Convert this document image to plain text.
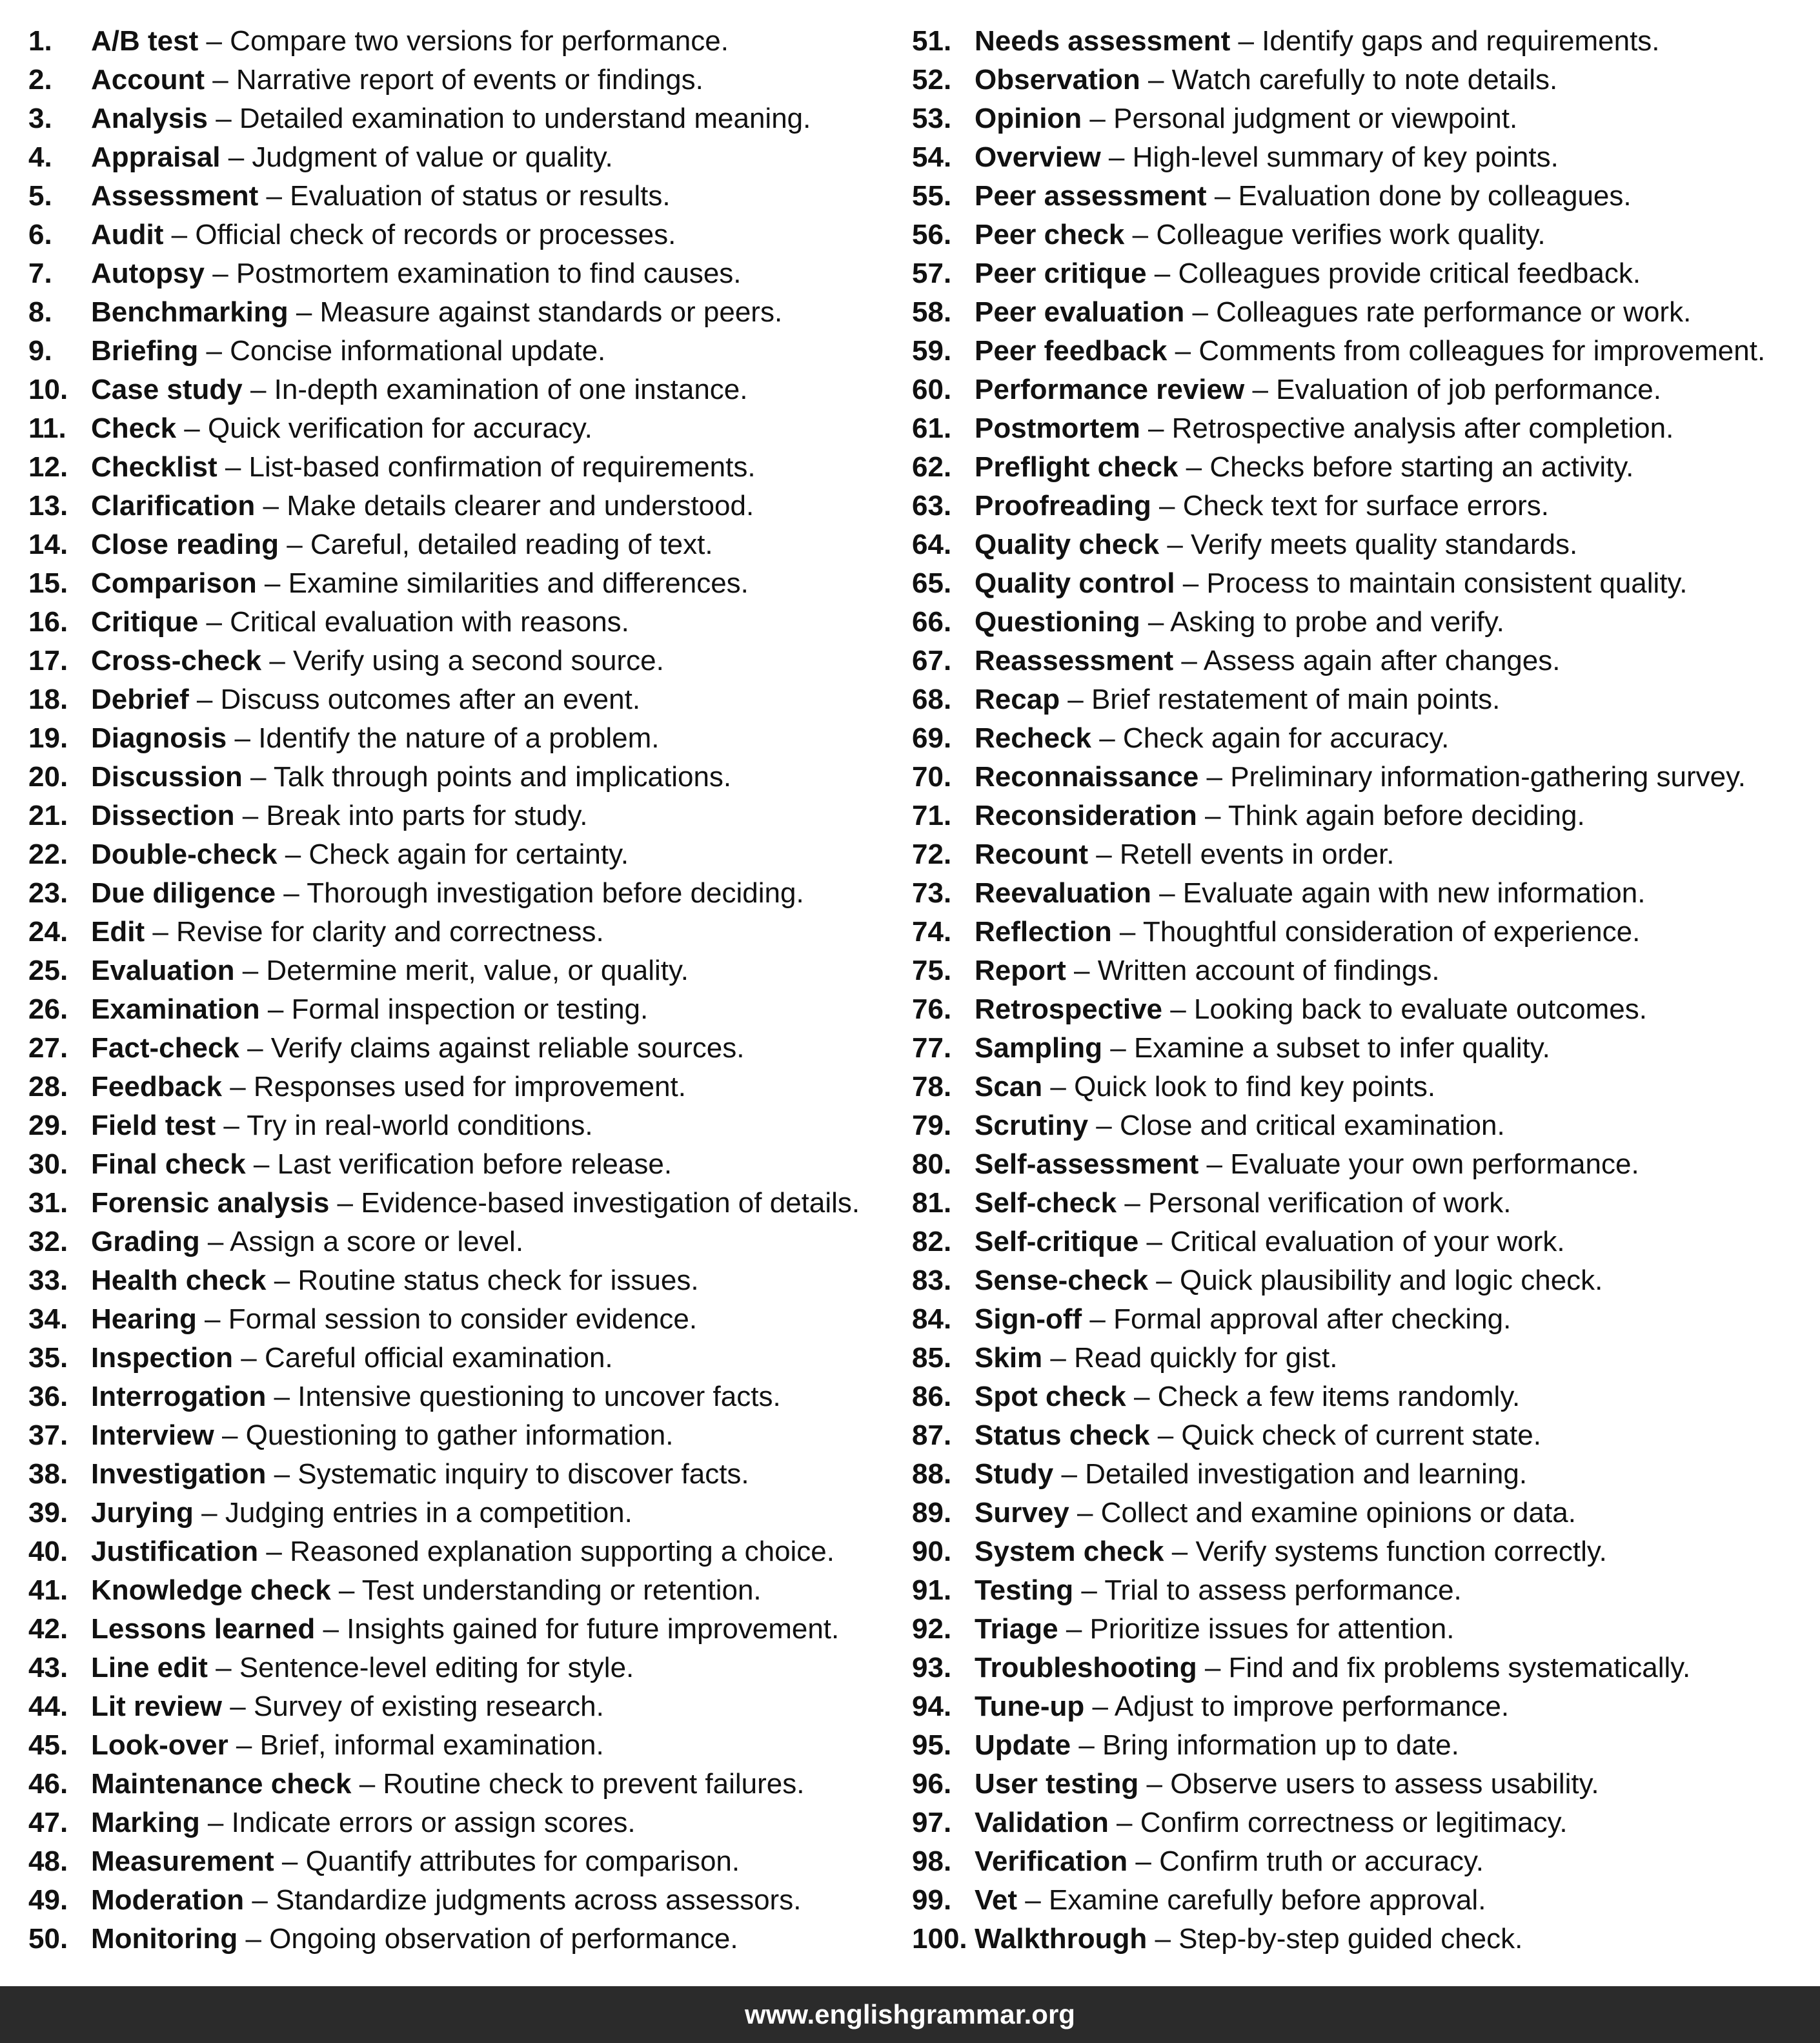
1. A/B test – Compare two versions for performance.
2. Account – Narrative report of events or findings.
3. Analysis – Detailed examination to understand meaning.
4. Appraisal – Judgment of value or quality.
5. Assessment – Evaluation of status or results.
6. Audit – Official check of records or processes.
7. Autopsy – Postmortem examination to find causes.
8. Benchmarking – Measure against standards or peers.
9. Briefing – Concise informational update.
10. Case study – In-depth examination of one instance.
11. Check – Quick verification for accuracy.
12. Checklist – List-based confirmation of requirements.
13. Clarification – Make details clearer and understood.
14. Close reading – Careful, detailed reading of text.
15. Comparison – Examine similarities and differences.
16. Critique – Critical evaluation with reasons.
17. Cross-check – Verify using a second source.
18. Debrief – Discuss outcomes after an event.
19. Diagnosis – Identify the nature of a problem.
20. Discussion – Talk through points and implications.
21. Dissection – Break into parts for study.
22. Double-check – Check again for certainty.
23. Due diligence – Thorough investigation before deciding.
24. Edit – Revise for clarity and correctness.
25. Evaluation – Determine merit, value, or quality.
26. Examination – Formal inspection or testing.
27. Fact-check – Verify claims against reliable sources.
28. Feedback – Responses used for improvement.
29. Field test – Try in real-world conditions.
30. Final check – Last verification before release.
31. Forensic analysis – Evidence-based investigation of details.
32. Grading – Assign a score or level.
33. Health check – Routine status check for issues.
34. Hearing – Formal session to consider evidence.
35. Inspection – Careful official examination.
36. Interrogation – Intensive questioning to uncover facts.
37. Interview – Questioning to gather information.
38. Investigation – Systematic inquiry to discover facts.
39. Jurying – Judging entries in a competition.
40. Justification – Reasoned explanation supporting a choice.
41. Knowledge check – Test understanding or retention.
42. Lessons learned – Insights gained for future improvement.
43. Line edit – Sentence-level editing for style.
44. Lit review – Survey of existing research.
45. Look-over – Brief, informal examination.
46. Maintenance check – Routine check to prevent failures.
47. Marking – Indicate errors or assign scores.
48. Measurement – Quantify attributes for comparison.
49. Moderation – Standardize judgments across assessors.
50. Monitoring – Ongoing observation of performance.
51. Needs assessment – Identify gaps and requirements.
52. Observation – Watch carefully to note details.
53. Opinion – Personal judgment or viewpoint.
54. Overview – High-level summary of key points.
55. Peer assessment – Evaluation done by colleagues.
56. Peer check – Colleague verifies work quality.
57. Peer critique – Colleagues provide critical feedback.
58. Peer evaluation – Colleagues rate performance or work.
59. Peer feedback – Comments from colleagues for improvement.
60. Performance review – Evaluation of job performance.
61. Postmortem – Retrospective analysis after completion.
62. Preflight check – Checks before starting an activity.
63. Proofreading – Check text for surface errors.
64. Quality check – Verify meets quality standards.
65. Quality control – Process to maintain consistent quality.
66. Questioning – Asking to probe and verify.
67. Reassessment – Assess again after changes.
68. Recap – Brief restatement of main points.
69. Recheck – Check again for accuracy.
70. Reconnaissance – Preliminary information-gathering survey.
71. Reconsideration – Think again before deciding.
72. Recount – Retell events in order.
73. Reevaluation – Evaluate again with new information.
74. Reflection – Thoughtful consideration of experience.
75. Report – Written account of findings.
76. Retrospective – Looking back to evaluate outcomes.
77. Sampling – Examine a subset to infer quality.
78. Scan – Quick look to find key points.
79. Scrutiny – Close and critical examination.
80. Self-assessment – Evaluate your own performance.
81. Self-check – Personal verification of work.
82. Self-critique – Critical evaluation of your work.
83. Sense-check – Quick plausibility and logic check.
84. Sign-off – Formal approval after checking.
85. Skim – Read quickly for gist.
86. Spot check – Check a few items randomly.
87. Status check – Quick check of current state.
88. Study – Detailed investigation and learning.
89. Survey – Collect and examine opinions or data.
90. System check – Verify systems function correctly.
91. Testing – Trial to assess performance.
92. Triage – Prioritize issues for attention.
93. Troubleshooting – Find and fix problems systematically.
94. Tune-up – Adjust to improve performance.
95. Update – Bring information up to date.
96. User testing – Observe users to assess usability.
97. Validation – Confirm correctness or legitimacy.
98. Verification – Confirm truth or accuracy.
99. Vet – Examine carefully before approval.
100. Walkthrough – Step-by-step guided check.
www.englishgrammar.org
